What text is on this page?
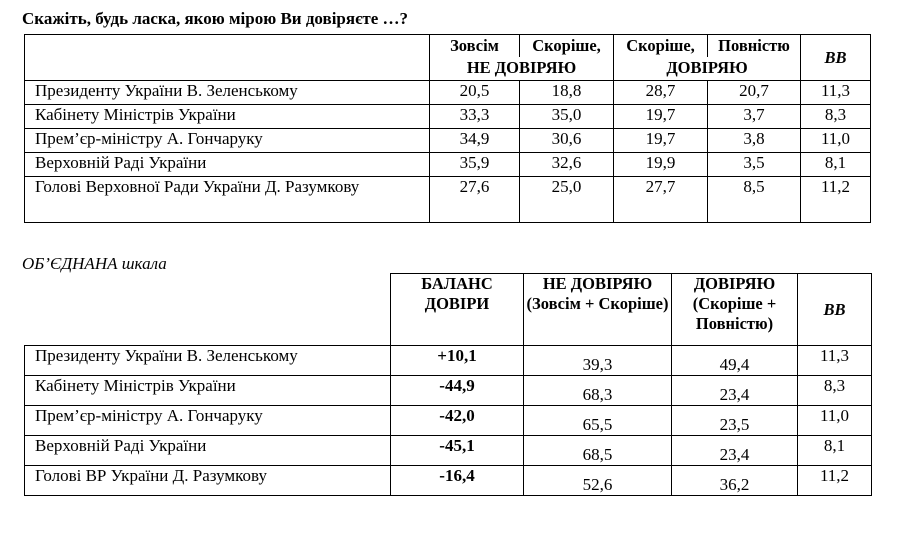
Скажіть, будь ласка, якою мірою Ви довіряєте …?
	Зовсім	Скоріше,	Скоріше,	Повністю	ВВ
	НЕ ДОВІРЯЮ		ДОВІРЯЮ		
Президенту України В. Зеленському	20,5	18,8	28,7	20,7	11,3
Кабінету Міністрів України	33,3	35,0	19,7	3,7	8,3
Прем’єр-міністру А. Гончаруку	34,9	30,6	19,7	3,8	11,0
Верховній Раді України	35,9	32,6	19,9	3,5	8,1
Голові Верховної Ради України Д. Разумкову	27,6	25,0	27,7	8,5	11,2
ОБ’ЄДНАНА шкала
	БАЛАНС ДОВІРИ	НЕ ДОВІРЯЮ (Зовсім + Скоріше)	ДОВІРЯЮ (Скоріше + Повністю)	ВВ
Президенту України В. Зеленському	+10,1	39,3	49,4	11,3
Кабінету Міністрів України	-44,9	68,3	23,4	8,3
Прем’єр-міністру А. Гончаруку	-42,0	65,5	23,5	11,0
Верховній Раді України	-45,1	68,5	23,4	8,1
Голові ВР України Д. Разумкову	-16,4	52,6	36,2	11,2
